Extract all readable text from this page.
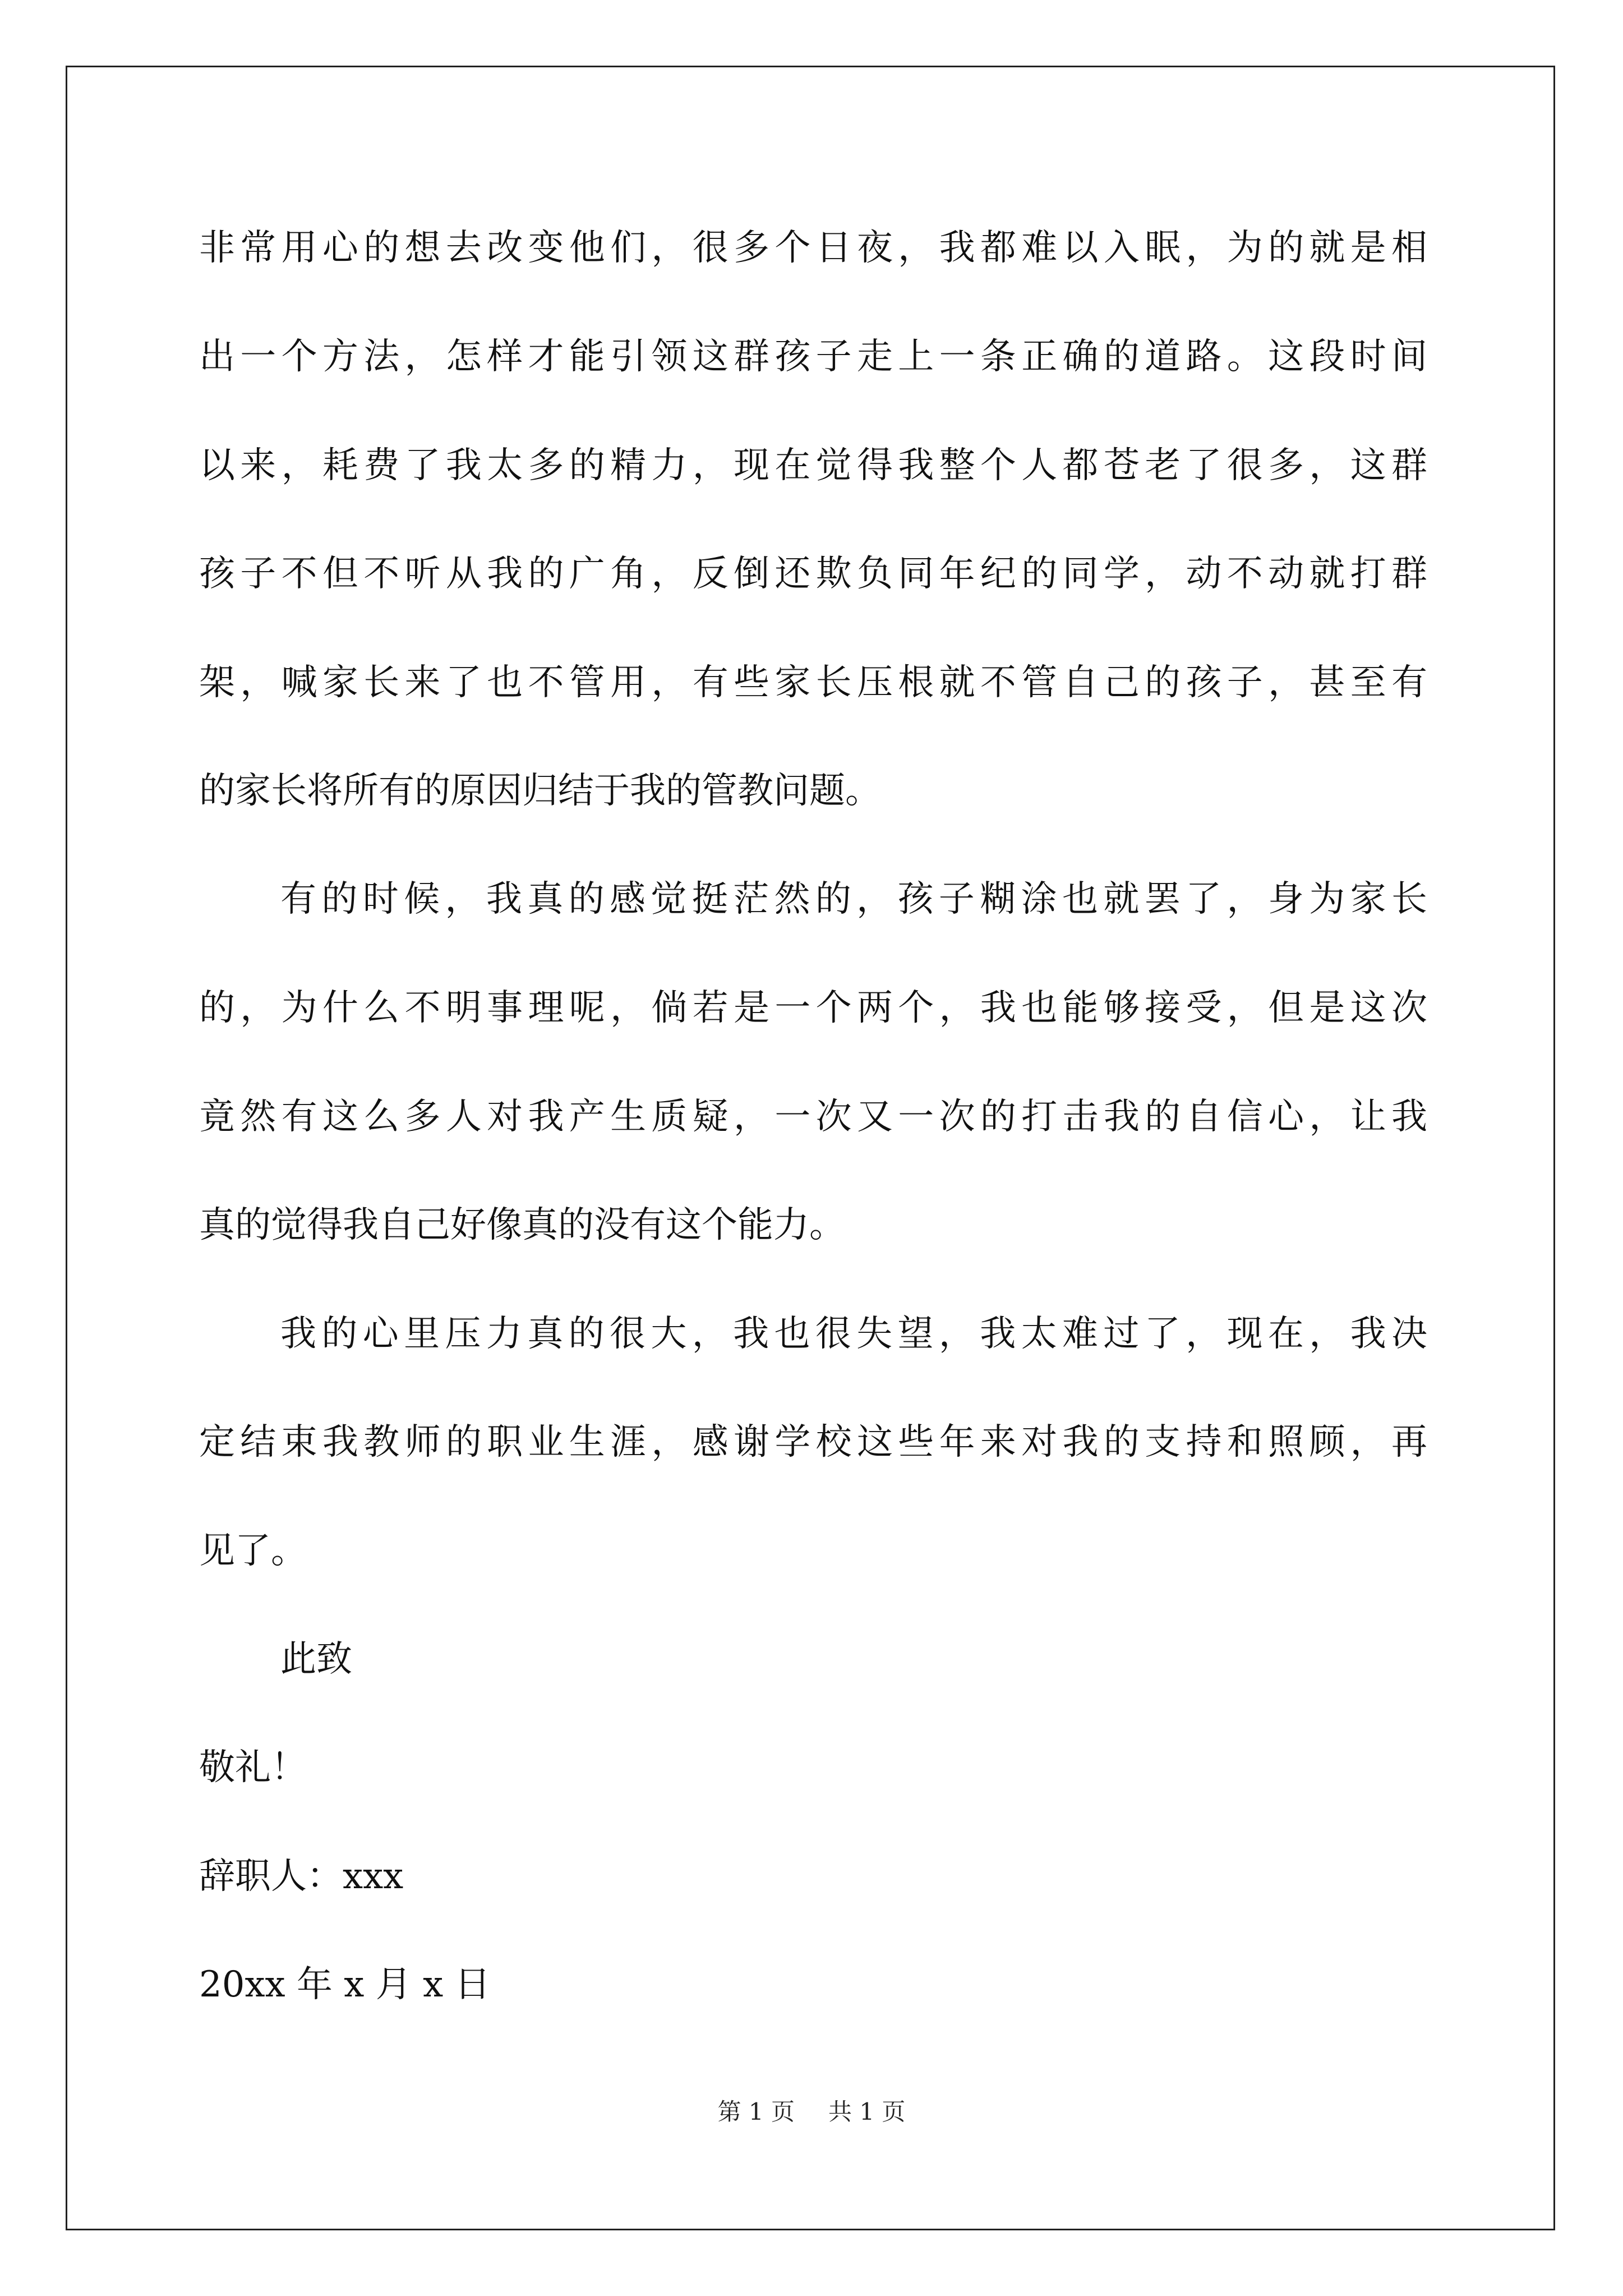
非常用心的想去改变他们，很多个日夜，我都难以入眠，为的就是相
出一个方法，怎样才能引领这群孩子走上一条正确的道路。这段时间
以来，耗费了我太多的精力，现在觉得我整个人都苍老了很多，这群
孩子不但不听从我的广角，反倒还欺负同年纪的同学，动不动就打群
架，喊家长来了也不管用，有些家长压根就不管自己的孩子，甚至有
的家长将所有的原因归结于我的管教问题。
有的时候，我真的感觉挺茫然的，孩子糊涂也就罢了，身为家长
的，为什么不明事理呢，倘若是一个两个，我也能够接受，但是这次
竟然有这么多人对我产生质疑，一次又一次的打击我的自信心，让我
真的觉得我自己好像真的没有这个能力。
我的心里压力真的很大，我也很失望，我太难过了，现在，我决
定结束我教师的职业生涯，感谢学校这些年来对我的支持和照顾，再
见了。
此致
敬礼！
辞职人：xxx
20xx 年 x 月 x 日
第 1 页 共 1 页
